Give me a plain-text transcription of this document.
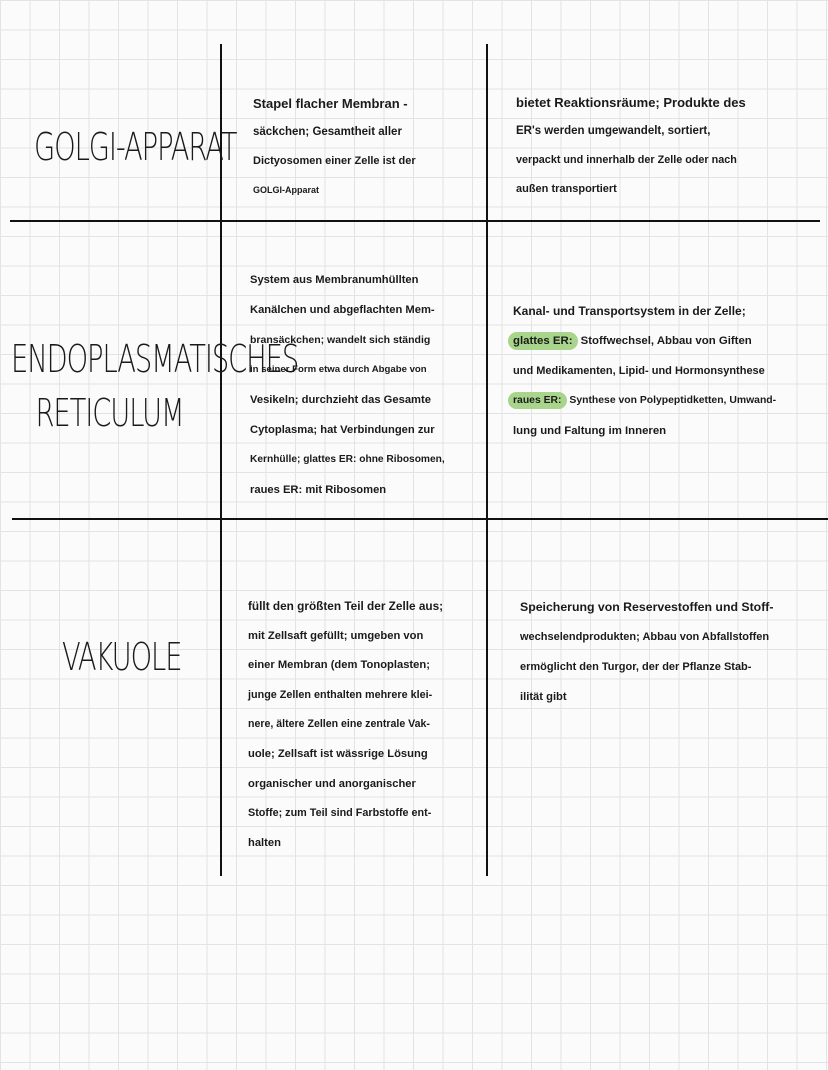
GOLGI-APPARAT
Stapel flacher Membran -
säckchen; Gesamtheit aller
Dictyosomen einer Zelle ist der
GOLGI-Apparat
bietet Reaktionsräume; Produkte des
ER's werden umgewandelt, sortiert,
verpackt und innerhalb der Zelle oder nach
außen transportiert
ENDOPLASMATISCHES
RETICULUM
System aus Membranumhüllten
Kanälchen und abgeflachten Mem-
bransäckchen; wandelt sich ständig
in seiner Form etwa durch Abgabe von
Vesikeln; durchzieht das Gesamte
Cytoplasma; hat Verbindungen zur
Kernhülle; glattes ER: ohne Ribosomen,
raues ER: mit Ribosomen
Kanal- und Transportsystem in der Zelle;
glattes ER: Stoffwechsel, Abbau von Giften
und Medikamenten, Lipid- und Hormonsynthese
raues ER: Synthese von Polypeptidketten, Umwand-
lung und Faltung im Inneren
VAKUOLE
füllt den größten Teil der Zelle aus;
mit Zellsaft gefüllt; umgeben von
einer Membran (dem Tonoplasten;
junge Zellen enthalten mehrere klei-
nere, ältere Zellen eine zentrale Vak-
uole; Zellsaft ist wässrige Lösung
organischer und anorganischer
Stoffe; zum Teil sind Farbstoffe ent-
halten
Speicherung von Reservestoffen und Stoff-
wechselendprodukten; Abbau von Abfallstoffen
ermöglicht den Turgor, der der Pflanze Stab-
ilität gibt
